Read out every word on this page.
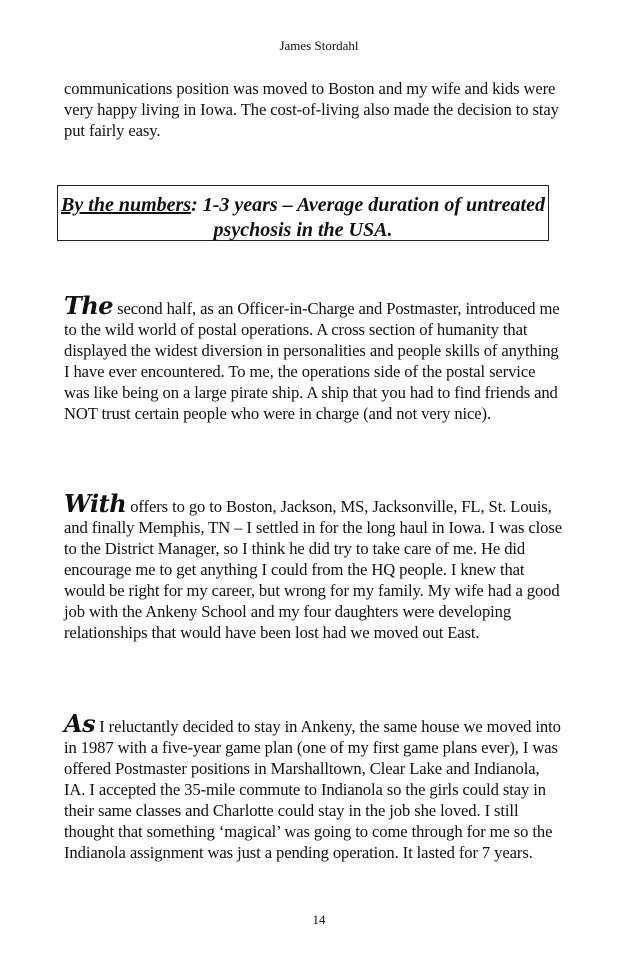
James Stordahl

communications position was moved to Boston and my wife and kids were very happy living in Iowa. The cost-of-living also made the decision to stay put fairly easy.

By the numbers: 1-3 years – Average duration of untreated psychosis in the USA.

The second half, as an Officer-in-Charge and Postmaster, introduced me to the wild world of postal operations. A cross section of humanity that displayed the widest diversion in personalities and people skills of anything I have ever encountered. To me, the operations side of the postal service was like being on a large pirate ship. A ship that you had to find friends and NOT trust certain people who were in charge (and not very nice).

With offers to go to Boston, Jackson, MS, Jacksonville, FL, St. Louis, and finally Memphis, TN – I settled in for the long haul in Iowa. I was close to the District Manager, so I think he did try to take care of me. He did encourage me to get anything I could from the HQ people. I knew that would be right for my career, but wrong for my family. My wife had a good job with the Ankeny School and my four daughters were developing relationships that would have been lost had we moved out East.

As I reluctantly decided to stay in Ankeny, the same house we moved into in 1987 with a five-year game plan (one of my first game plans ever), I was offered Postmaster positions in Marshalltown, Clear Lake and Indianola, IA. I accepted the 35-mile commute to Indianola so the girls could stay in their same classes and Charlotte could stay in the job she loved. I still thought that something ‘magical’ was going to come through for me so the Indianola assignment was just a pending operation. It lasted for 7 years.

14
